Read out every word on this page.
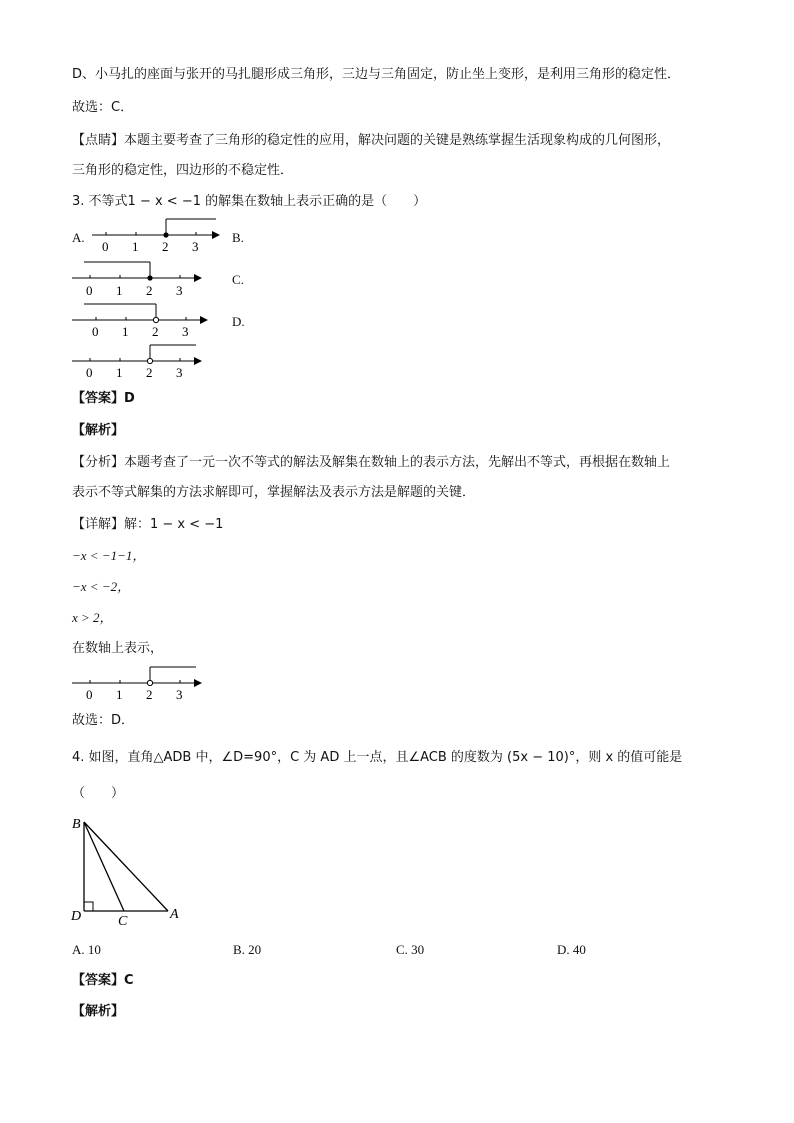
D、小马扎的座面与张开的马扎腿形成三角形，三边与三角固定，防止坐上变形，是利用三角形的稳定性．
故选：C．
【点睛】本题主要考查了三角形的稳定性的应用，解决问题的关键是熟练掌握生活现象构成的几何图形，
三角形的稳定性，四边形的不稳定性．
3. 不等式1 − x < −1 的解集在数轴上表示正确的是（　　）
A.	B.
C.
D.
0 1 2 3
0 1 2 3
0 1 2 3
0 1 2 3
【答案】D
【解析】
【分析】本题考查了一元一次不等式的解法及解集在数轴上的表示方法，先解出不等式，再根据在数轴上
表示不等式解集的方法求解即可，掌握解法及表示方法是解题的关键．
【详解】解：1 − x < −1
−x < −1−1，
−x < −2，
x > 2，
在数轴上表示，
0 1 2 3
故选：D．
4. 如图，直角△ADB 中，∠D=90°，C 为 AD 上一点，且∠ACB 的度数为 (5x − 10)°，则 x 的值可能是
（　　）
B
D	C	A
A. 10	B. 20	C. 30	D. 40
【答案】C
【解析】
